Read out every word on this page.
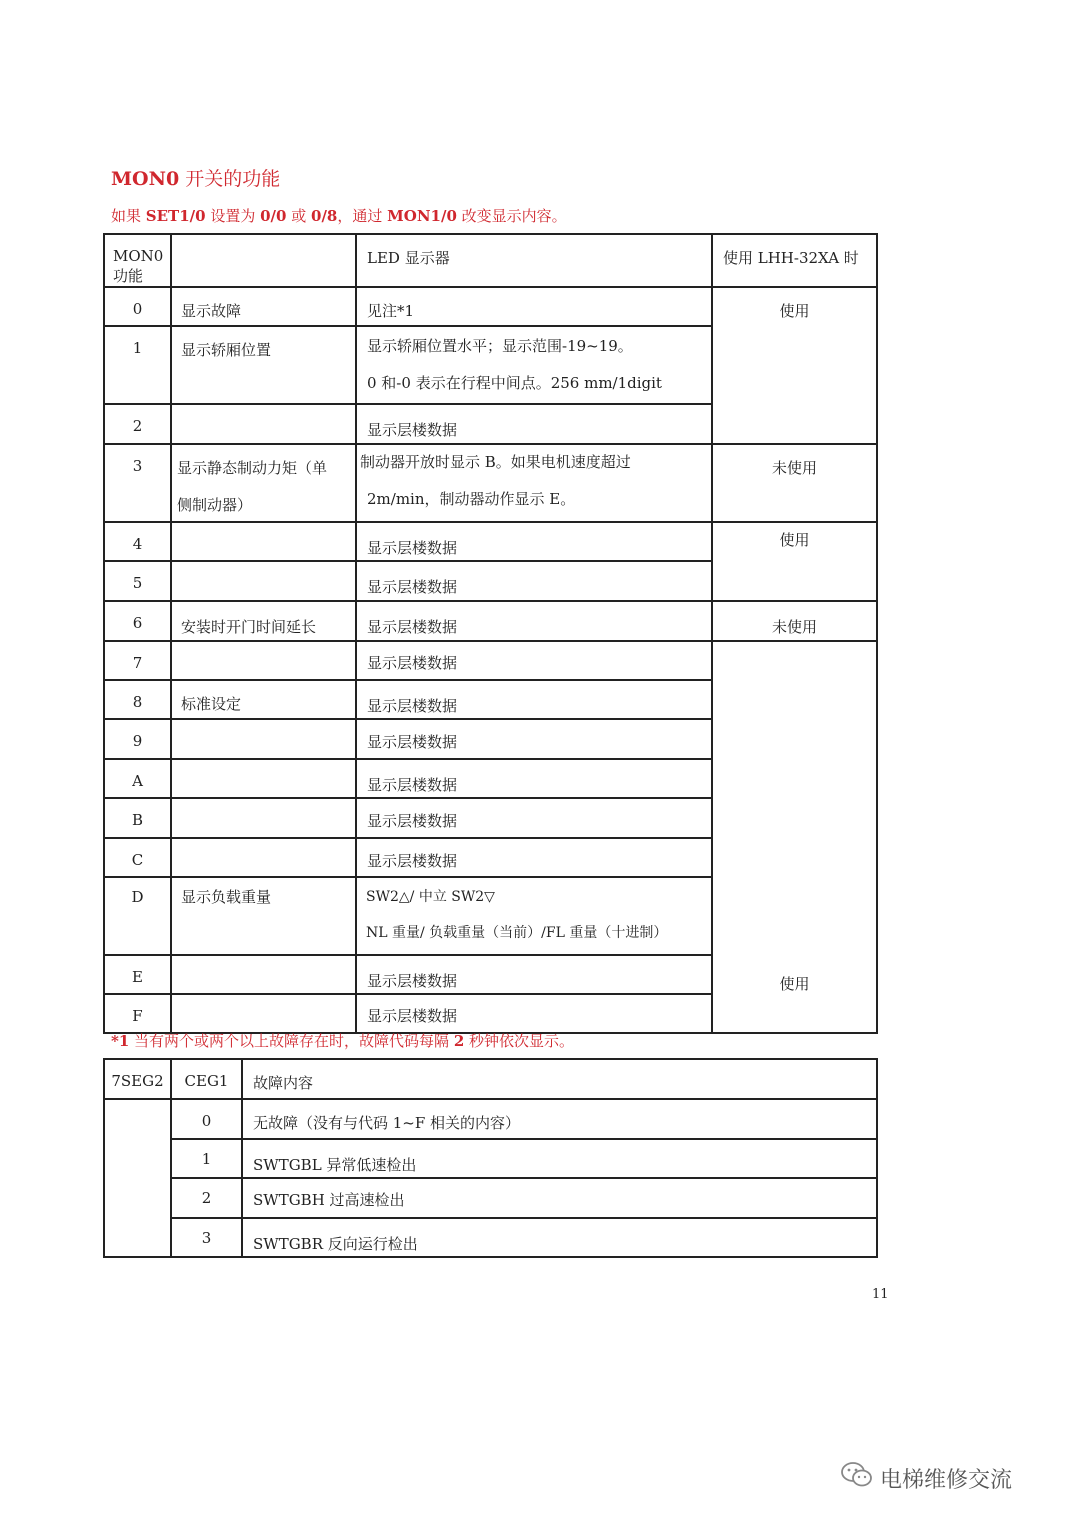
MON0 开关的功能
如果 SET1/0 设置为 0/0 或 0/8，通过 MON1/0 改变显示内容。
MON0 功能		LED 显示器	使用 LHH-32XA 时
0	显示故障	见注*1	使用
1	显示轿厢位置	显示轿厢位置水平；显示范围-19~19。
0 和-0 表示在行程中间点。256 mm/1digit	

2		显示层楼数据	
3	显示静态制动力矩（单
侧制动器）	制动器开放时显示 B。如果电机速度超过
2m/min，制动器动作显示 E。	未使用
4		显示层楼数据	使用
5		显示层楼数据	
6	安装时开门时间延长	显示层楼数据	未使用
7		显示层楼数据	使用
8	标准设定	显示层楼数据	
9		显示层楼数据	
A		显示层楼数据	
B		显示层楼数据	
C		显示层楼数据	
D	显示负载重量	SW2△/ 中立 SW2▽
NL 重量/ 负载重量（当前）/FL 重量（十进制）	

E		显示层楼数据	
F		显示层楼数据	
*1 当有两个或两个以上故障存在时，故障代码每隔 2 秒钟依次显示。
7SEG2	CEG1	故障内容
	0	无故障（没有与代码 1~F 相关的内容）
	1	SWTGBL 异常低速检出
	2	SWTGBH 过高速检出
	3	SWTGBR 反向运行检出
11
电梯维修交流
